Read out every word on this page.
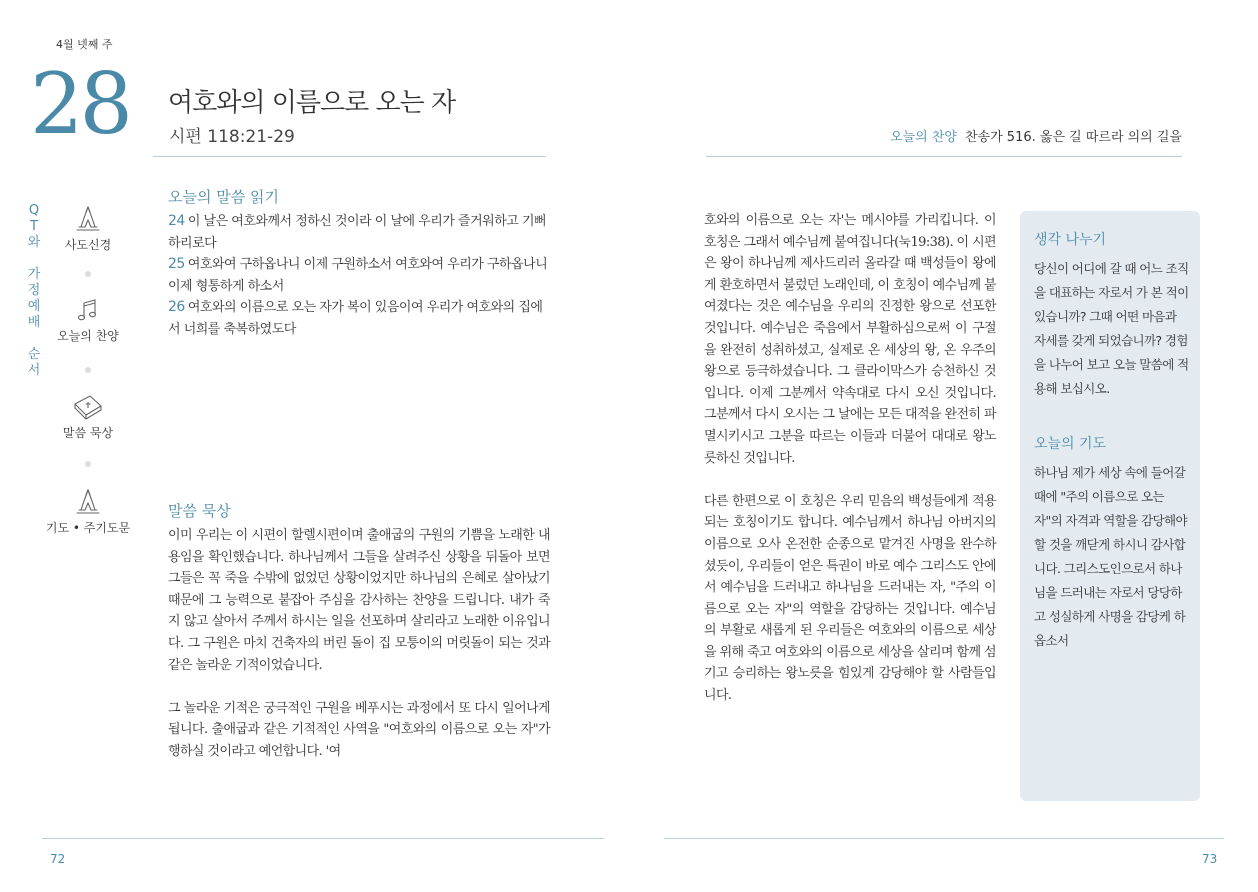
4월 넷째 주
28 여호와의 이름으로 오는 자
시편 118:21-29	오늘의 찬양 찬송가 516. 옳은 길 따르라 의의 길을
Q
T
와
가
정
예
배
순
서
사도신경
오늘의 찬양
말씀 묵상
기도 • 주기도문
오늘의 말씀 읽기
24 이 날은 여호와께서 정하신 것이라 이 날에 우리가 즐거워하고 기뻐하리로다
25 여호와여 구하옵나니 이제 구원하소서 여호와여 우리가 구하옵나니 이제 형통하게 하소서
26 여호와의 이름으로 오는 자가 복이 있음이여 우리가 여호와의 집에서 너희를 축복하였도다
말씀 묵상

이미 우리는 이 시편이 할렐시편이며 출애굽의 구원의 기쁨을 노래한 내용임을 확인했습니다. 하나님께서 그들을 살려주신 상황을 뒤돌아 보면 그들은 꼭 죽을 수밖에 없었던 상황이었지만 하나님의 은혜로 살아났기 때문에 그 능력으로 붙잡아 주심을 감사하는 찬양을 드립니다. 내가 죽지 않고 살아서 주께서 하시는 일을 선포하며 살리라고 노래한 이유입니다. 그 구원은 마치 건축자의 버린 돌이 집 모퉁이의 머릿돌이 되는 것과 같은 놀라운 기적이었습니다.

그 놀라운 기적은 궁극적인 구원을 베푸시는 과정에서 또 다시 일어나게 됩니다. 출애굽과 같은 기적적인 사역을 "여호와의 이름으로 오는 자"가 행하실 것이라고 예언합니다. '여

호와의 이름으로 오는 자'는 메시야를 가리킵니다. 이 호칭은 그래서 예수님께 붙여집니다(눅19:38). 이 시편은 왕이 하나님께 제사드리러 올라갈 때 백성들이 왕에게 환호하면서 불렀던 노래인데, 이 호칭이 예수님께 붙여졌다는 것은 예수님을 우리의 진정한 왕으로 선포한 것입니다. 예수님은 죽음에서 부활하심으로써 이 구절을 완전히 성취하셨고, 실제로 온 세상의 왕, 온 우주의 왕으로 등극하셨습니다. 그 클라이막스가 승천하신 것입니다. 이제 그분께서 약속대로 다시 오신 것입니다. 그분께서 다시 오시는 그 날에는 모든 대적을 완전히 파멸시키시고 그분을 따르는 이들과 더불어 대대로 왕노릇하신 것입니다.

다른 한편으로 이 호칭은 우리 믿음의 백성들에게 적용되는 호칭이기도 합니다. 예수님께서 하나님 아버지의 이름으로 오사 온전한 순종으로 맡겨진 사명을 완수하셨듯이, 우리들이 얻은 특권이 바로 예수 그리스도 안에서 예수님을 드러내고 하나님을 드러내는 자, "주의 이름으로 오는 자"의 역할을 감당하는 것입니다. 예수님의 부활로 새롭게 된 우리들은 여호와의 이름으로 세상을 위해 죽고 여호와의 이름으로 세상을 살리며 함께 섬기고 승리하는 왕노릇을 힘있게 감당해야 할 사람들입니다.

생각 나누기
당신이 어디에 갈 때 어느 조직을 대표하는 자로서 가 본 적이 있습니까? 그때 어떤 마음과 자세를 갖게 되었습니까? 경험을 나누어 보고 오늘 말씀에 적용해 보십시오.
오늘의 기도
하나님 제가 세상 속에 들어갈 때에 "주의 이름으로 오는 자"의 자격과 역할을 감당해야 할 것을 깨닫게 하시니 감사합니다. 그리스도인으로서 하나님을 드러내는 자로서 당당하고 성실하게 사명을 감당케 하옵소서
72	73
